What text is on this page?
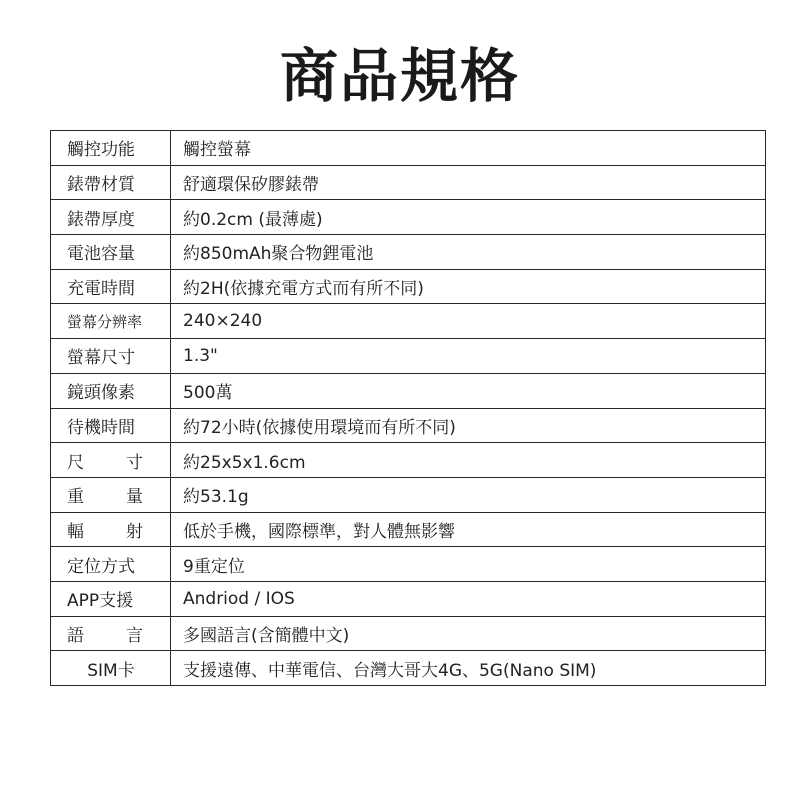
商品規格
觸控功能	觸控螢幕
錶帶材質	舒適環保矽膠錶帶
錶帶厚度	約0.2cm (最薄處)
電池容量	約850mAh聚合物鋰電池
充電時間	約2H(依據充電方式而有所不同)
螢幕分辨率	240×240
螢幕尺寸	1.3"
鏡頭像素	500萬
待機時間	約72小時(依據使用環境而有所不同)

尺寸	約25x5x1.6cm

重量	約53.1g

輻射	低於手機，國際標準，對人體無影響
定位方式	9重定位
APP支援	Andriod / IOS

語言	多國語言(含簡體中文)

SIM卡	支援遠傳、中華電信、台灣大哥大4G、5G(Nano SIM)
